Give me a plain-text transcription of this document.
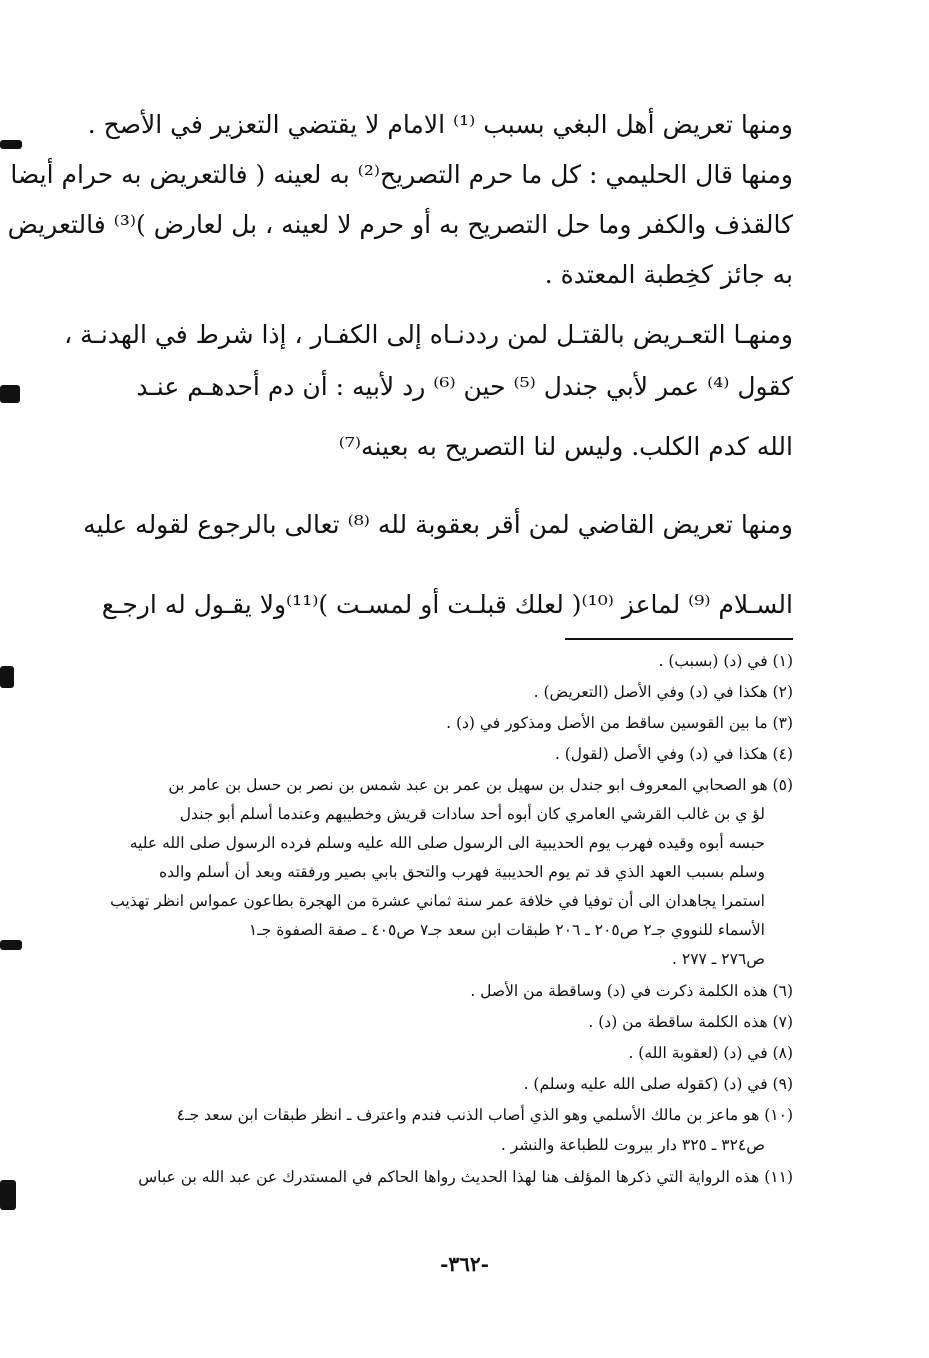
ومنها تعريض أهل البغي بسبب ⁽¹⁾ الامام لا يقتضي التعزير في الأصح .
ومنها قال الحليمي : كل ما حرم التصريح⁽²⁾ به لعينه ( فالتعريض به حرام أيضا
كالقذف والكفر وما حل التصريح به أو حرم لا لعينه ، بل لعارض )⁽³⁾ فالتعريض
به جائز كخِطبة المعتدة .
ومنهـا التعـريض بالقتـل لمن رددنـاه إلى الكفـار ، إذا شرط في الهدنـة ،
كقول ⁽⁴⁾ عمر لأبي جندل ⁽⁵⁾ حين ⁽⁶⁾ رد لأبيه : أن دم أحدهـم عنـد
الله كدم الكلب. وليس لنا التصريح به بعينه⁽⁷⁾
ومنها تعريض القاضي لمن أقر بعقوبة لله ⁽⁸⁾ تعالى بالرجوع لقوله عليه
السـلام ⁽⁹⁾ لماعز ⁽¹⁰⁾( لعلك قبلـت أو لمسـت )⁽¹¹⁾ولا يقـول له ارجـع
(١) في (د) (بسبب) .
(٢) هكذا في (د) وفي الأصل (التعريض) .
(٣) ما بين القوسين ساقط من الأصل ومذكور في (د) .
(٤) هكذا في (د) وفي الأصل (لقول) .
(٥) هو الصحابي المعروف ابو جندل بن سهيل بن عمر بن عبد شمس بن نصر بن حسل بن عامر بن
لؤ ي بن غالب القرشي العامري كان أبوه أحد سادات قريش وخطيبهم وعندما أسلم أبو جندل
حبسه أبوه وقيده فهرب يوم الحديبية الى الرسول صلى الله عليه وسلم فرده الرسول صلى الله عليه
وسلم بسبب العهد الذي قد تم يوم الحديبية فهرب والتحق بابي بصير ورفقته وبعد أن أسلم والده
استمرا يجاهدان الى أن توفيا في خلافة عمر سنة ثماني عشرة من الهجرة بطاعون عمواس انظر تهذيب
الأسماء للنووي جـ٢ ص٢٠٥ ـ ٢٠٦ طبقات ابن سعد جـ٧ ص٤٠٥ ـ صفة الصفوة جـ١
ص٢٧٦ ـ ٢٧٧ .
(٦) هذه الكلمة ذكرت في (د) وساقطة من الأصل .
(٧) هذه الكلمة ساقطة من (د) .
(٨) في (د) (لعقوبة الله) .
(٩) في (د) (كقوله صلى الله عليه وسلم) .
(١٠) هو ماعز بن مالك الأسلمي وهو الذي أصاب الذنب فندم واعترف ـ انظر طبقات ابن سعد جـ٤
ص٣٢٤ ـ ٣٢٥ دار بيروت للطباعة والنشر .
(١١) هذه الرواية التي ذكرها المؤلف هنا لهذا الحديث رواها الحاكم في المستدرك عن عبد الله بن عباس
-٣٦٢-
